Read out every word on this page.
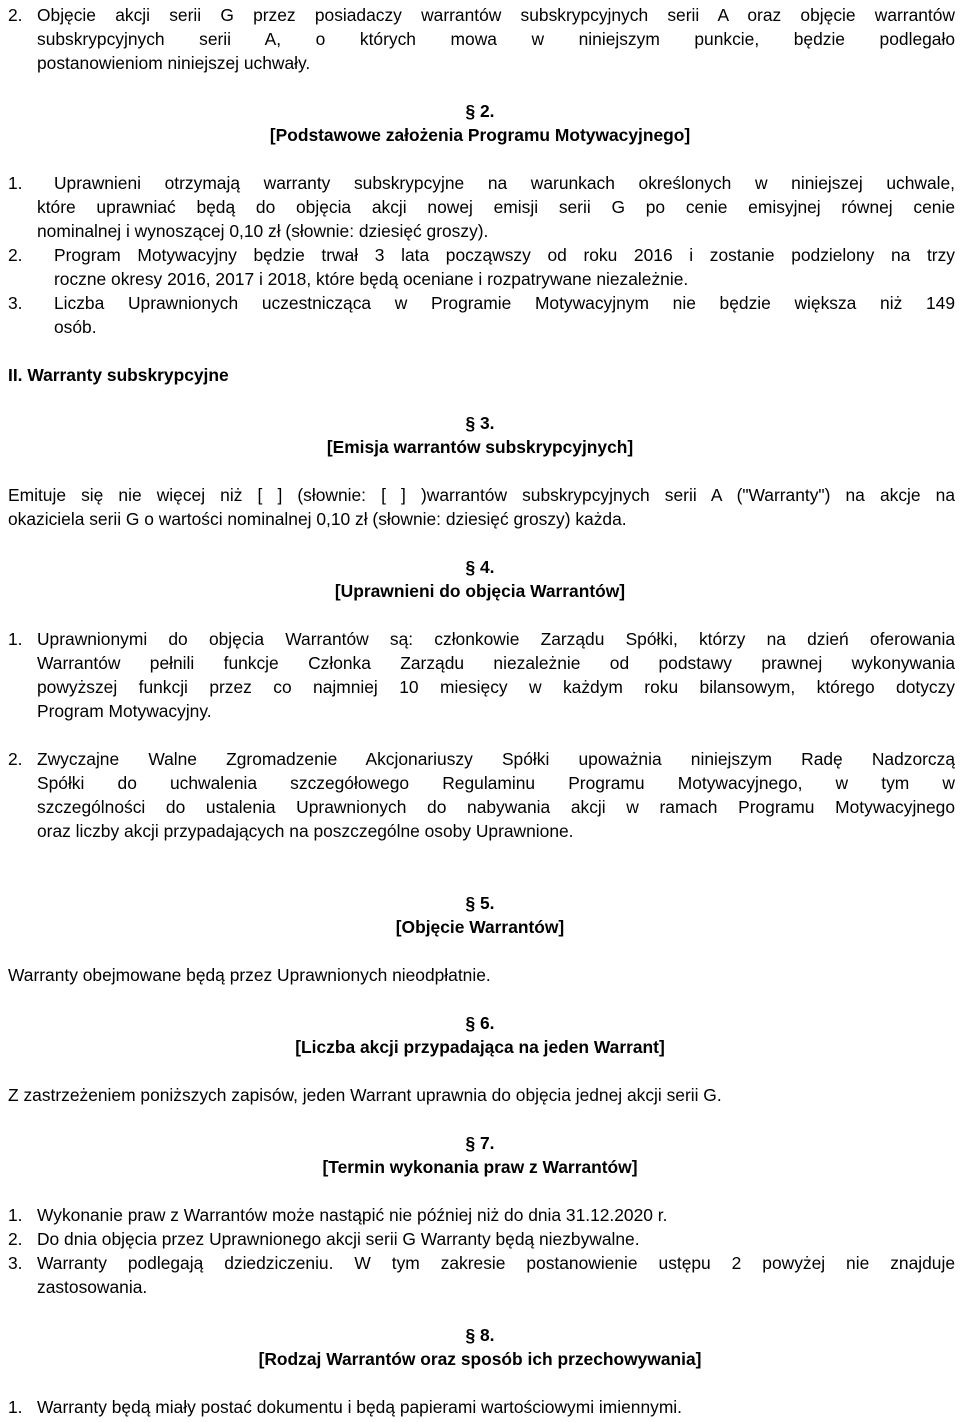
2. Objęcie akcji serii G przez posiadaczy warrantów subskrypcyjnych serii A oraz objęcie warrantów
subskrypcyjnych serii A, o których mowa w niniejszym punkcie, będzie podlegało
postanowieniom niniejszej uchwały.
§ 2.
[Podstawowe założenia Programu Motywacyjnego]
1. Uprawnieni otrzymają warranty subskrypcyjne na warunkach określonych w niniejszej uchwale,
które uprawniać będą do objęcia akcji nowej emisji serii G po cenie emisyjnej równej cenie
nominalnej i wynoszącej 0,10 zł (słownie: dziesięć groszy).
2. Program Motywacyjny będzie trwał 3 lata począwszy od roku 2016 i zostanie podzielony na trzy
roczne okresy 2016, 2017 i 2018, które będą oceniane i rozpatrywane niezależnie.
3. Liczba Uprawnionych uczestnicząca w Programie Motywacyjnym nie będzie większa niż 149
osób.
II. Warranty subskrypcyjne
§ 3.
[Emisja warrantów subskrypcyjnych]
Emituje się nie więcej niż [ ] (słownie: [ ] )warrantów subskrypcyjnych serii A ("Warranty") na akcje na
okaziciela serii G o wartości nominalnej 0,10 zł (słownie: dziesięć groszy) każda.
§ 4.
[Uprawnieni do objęcia Warrantów]
1. Uprawnionymi do objęcia Warrantów są: członkowie Zarządu Spółki, którzy na dzień oferowania
Warrantów pełnili funkcje Członka Zarządu niezależnie od podstawy prawnej wykonywania
powyższej funkcji przez co najmniej 10 miesięcy w każdym roku bilansowym, którego dotyczy
Program Motywacyjny.
2. Zwyczajne Walne Zgromadzenie Akcjonariuszy Spółki upoważnia niniejszym Radę Nadzorczą
Spółki do uchwalenia szczegółowego Regulaminu Programu Motywacyjnego, w tym w
szczególności do ustalenia Uprawnionych do nabywania akcji w ramach Programu Motywacyjnego
oraz liczby akcji przypadających na poszczególne osoby Uprawnione.
§ 5.
[Objęcie Warrantów]
Warranty obejmowane będą przez Uprawnionych nieodpłatnie.
§ 6.
[Liczba akcji przypadająca na jeden Warrant]
Z zastrzeżeniem poniższych zapisów, jeden Warrant uprawnia do objęcia jednej akcji serii G.
§ 7.
[Termin wykonania praw z Warrantów]
1. Wykonanie praw z Warrantów może nastąpić nie później niż do dnia 31.12.2020 r.
2. Do dnia objęcia przez Uprawnionego akcji serii G Warranty będą niezbywalne.
3. Warranty podlegają dziedziczeniu. W tym zakresie postanowienie ustępu 2 powyżej nie znajduje
zastosowania.
§ 8.
[Rodzaj Warrantów oraz sposób ich przechowywania]
1. Warranty będą miały postać dokumentu i będą papierami wartościowymi imiennymi.
